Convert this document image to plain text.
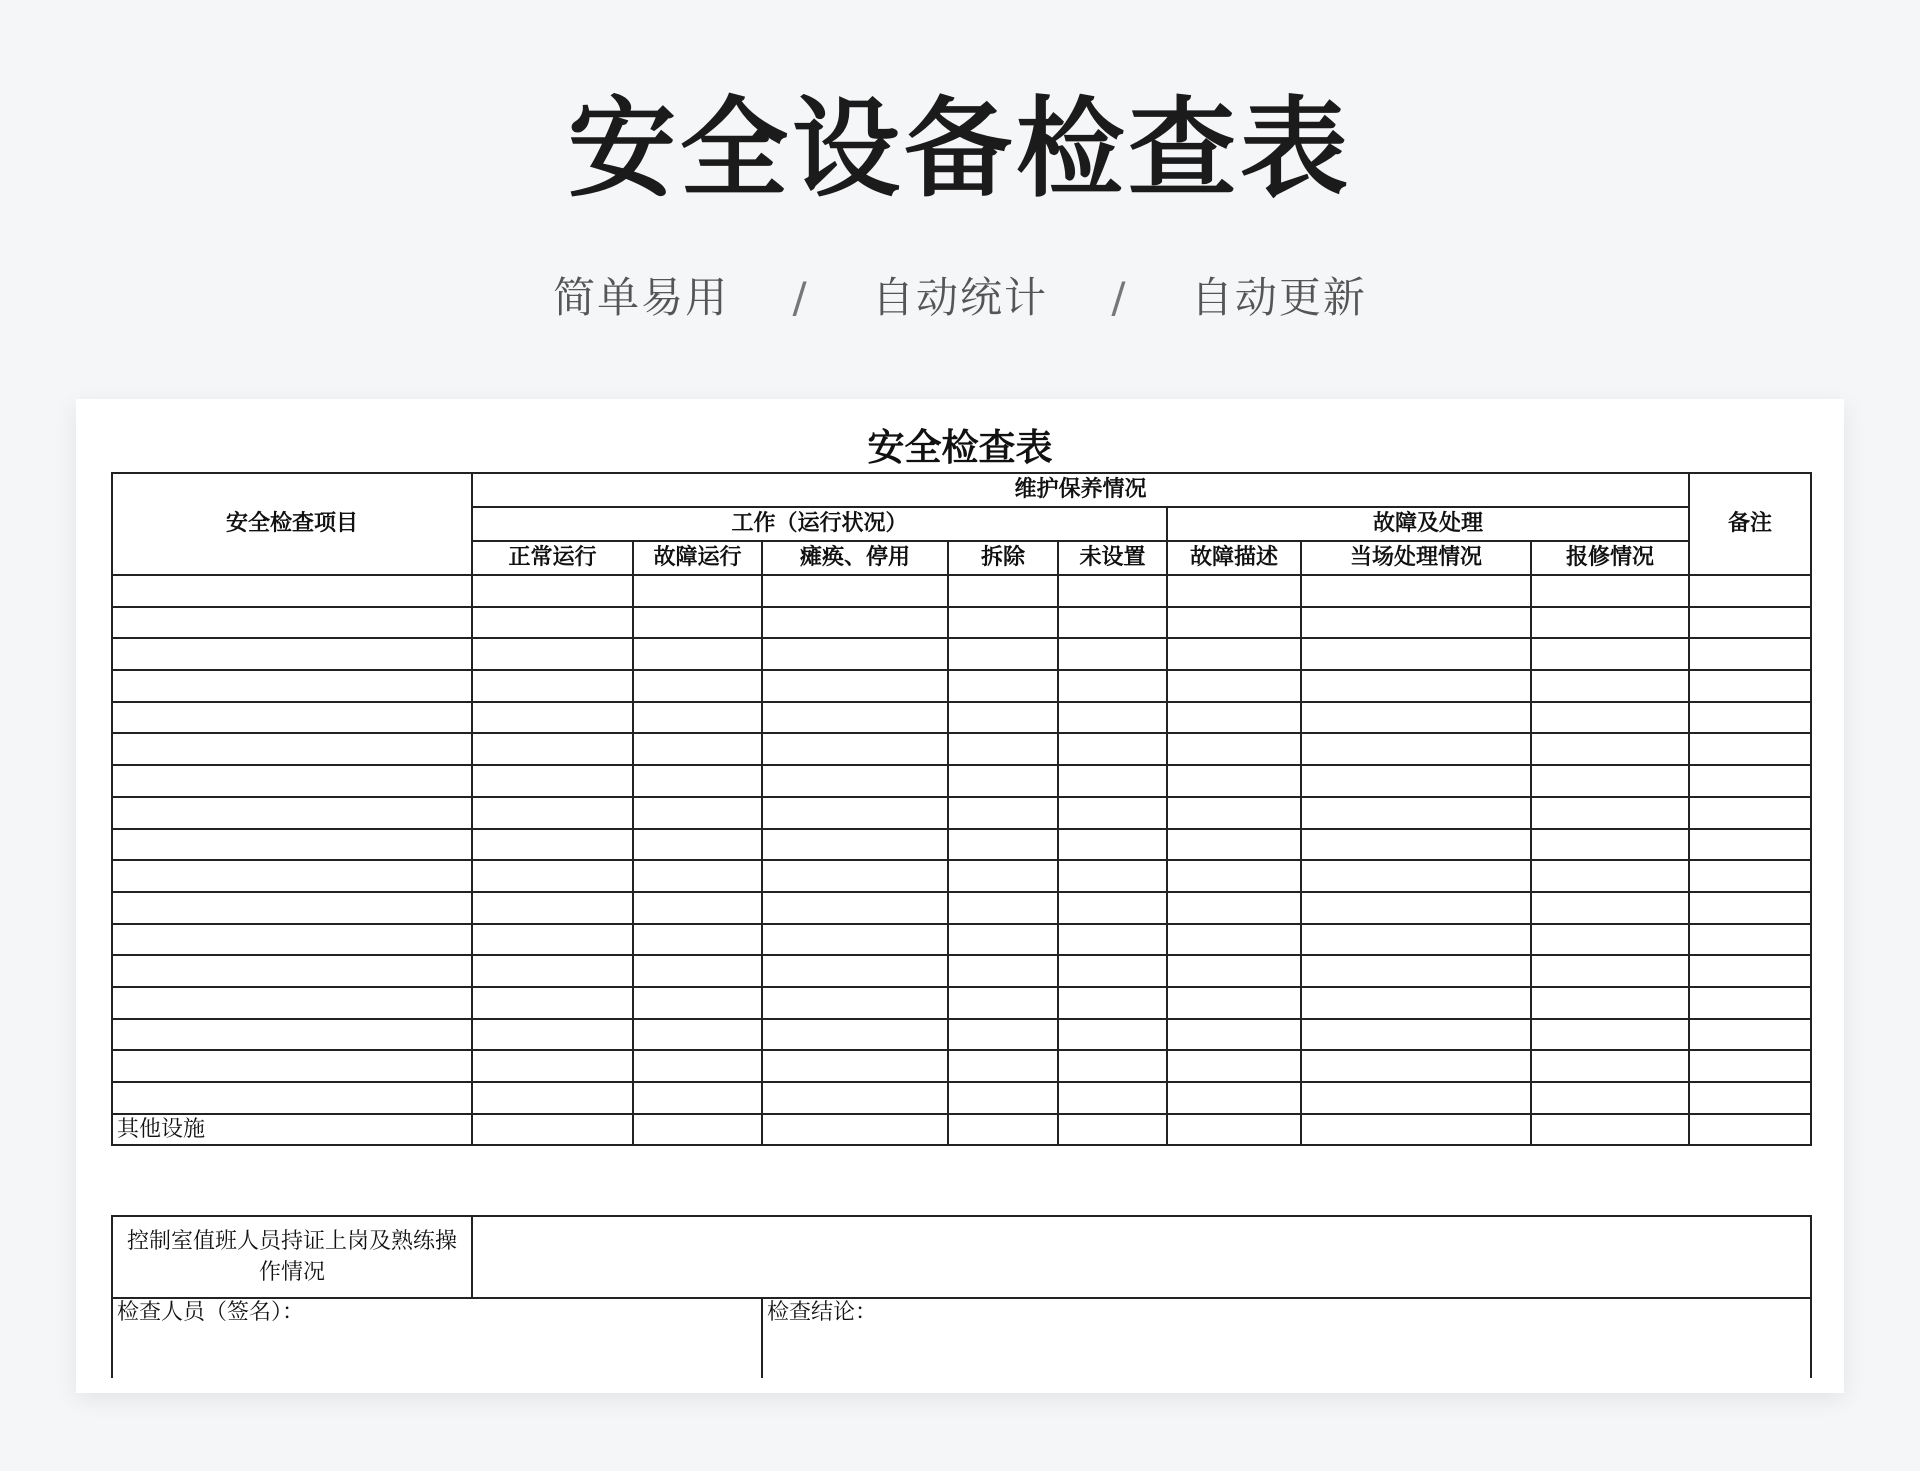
安全设备检查表
简单易用 / 自动统计 / 自动更新
安全检查表
安全检查项目	维护保养情况								备注
	工作（运行状况）					故障及处理			
	正常运行	故障运行	瘫痪、停用	拆除	未设置	故障描述	当场处理情况	报修情况	

其他设施									
控制室值班人员持证上岗及熟练操作情况		
检查人员（签名）：		检查结论：
